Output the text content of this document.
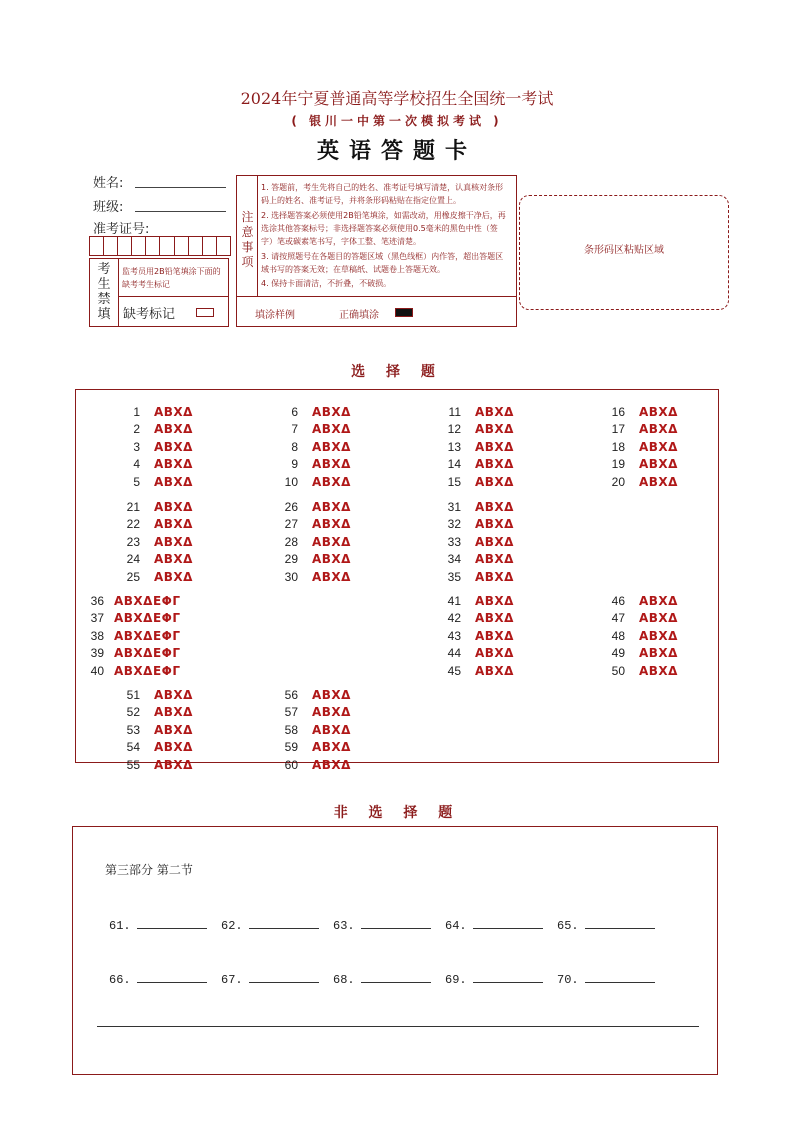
2024年宁夏普通高等学校招生全国统一考试
( 银川一中第一次模拟考试 )
英语答题卡
姓名:
班级:
准考证号:
考生禁填
监考员用2B铅笔填涂下面的缺考考生标记
缺考标记
注意事项
1. 答题前，考生先将自己的姓名、准考证号填写清楚，认真核对条形码上的姓名、准考证号，并将条形码粘贴在指定位置上。
2. 选择题答案必须使用2B铅笔填涂，如需改动，用橡皮擦干净后，再选涂其他答案标号；非选择题答案必须使用0.5毫米的黑色中性（签字）笔或碳素笔书写，字体工整、笔迹清楚。
3. 请按照题号在各题目的答题区域（黑色线框）内作答，超出答题区域书写的答案无效；在草稿纸、试题卷上答题无效。
4. 保持卡面清洁，不折叠，不破损。
填涂样例	正确填涂
条形码区粘贴区域
选 择 题
1 ABXΔ
2 ABXΔ
3 ABXΔ
4 ABXΔ
5 ABXΔ
6 ABXΔ
7 ABXΔ
8 ABXΔ
9 ABXΔ
10 ABXΔ
11 ABXΔ
12 ABXΔ
13 ABXΔ
14 ABXΔ
15 ABXΔ
16 ABXΔ
17 ABXΔ
18 ABXΔ
19 ABXΔ
20 ABXΔ
21 ABXΔ
22 ABXΔ
23 ABXΔ
24 ABXΔ
25 ABXΔ
26 ABXΔ
27 ABXΔ
28 ABXΔ
29 ABXΔ
30 ABXΔ
31 ABXΔ
32 ABXΔ
33 ABXΔ
34 ABXΔ
35 ABXΔ
36 ABXΔEΦΓ
37 ABXΔEΦΓ
38 ABXΔEΦΓ
39 ABXΔEΦΓ
40 ABXΔEΦΓ
41 ABXΔ
42 ABXΔ
43 ABXΔ
44 ABXΔ
45 ABXΔ
46 ABXΔ
47 ABXΔ
48 ABXΔ
49 ABXΔ
50 ABXΔ
51 ABXΔ
52 ABXΔ
53 ABXΔ
54 ABXΔ
55 ABXΔ
56 ABXΔ
57 ABXΔ
58 ABXΔ
59 ABXΔ
60 ABXΔ
非 选 择 题
第三部分 第二节
61.	62.	63.	64.	65.
66.	67.	68.	69.	70.
